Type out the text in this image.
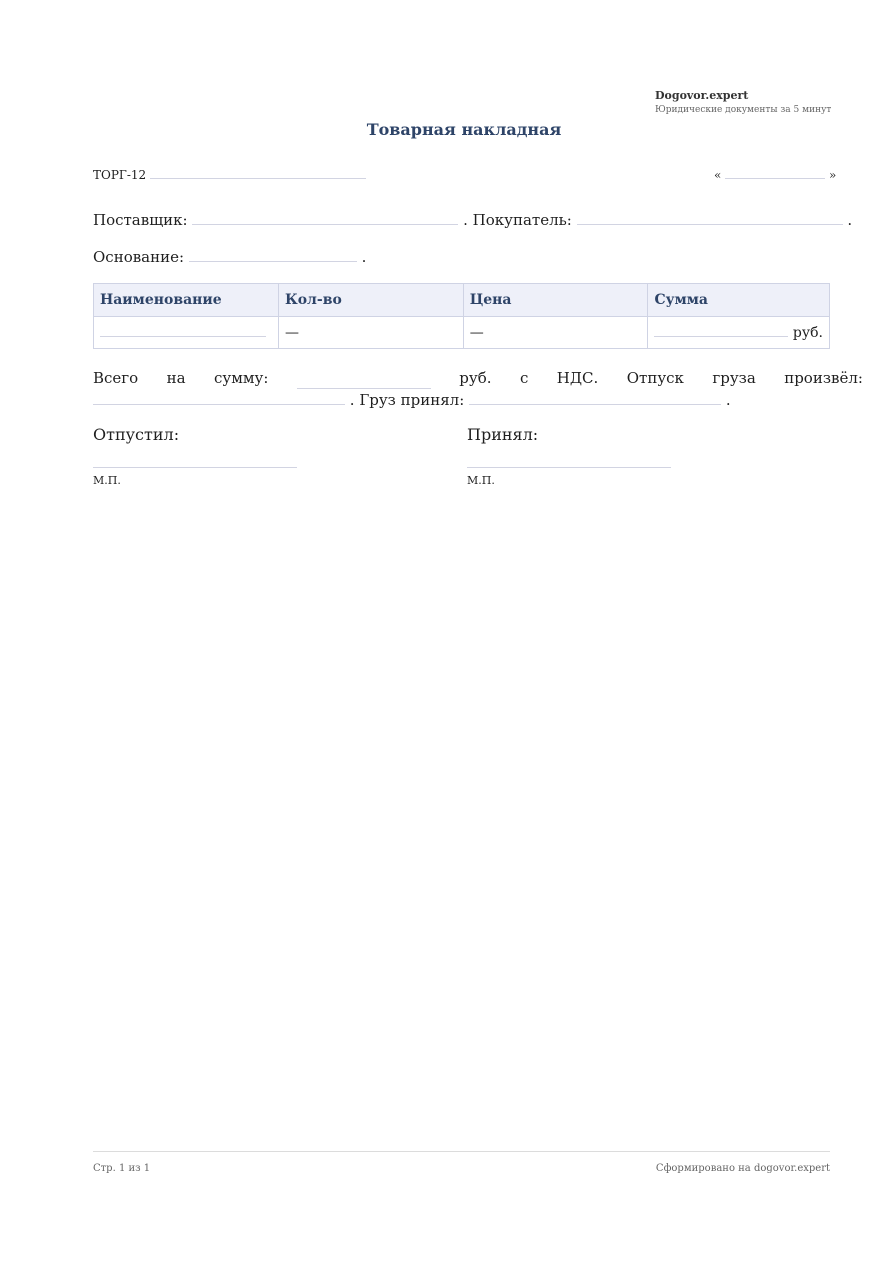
Dogovor.expert
Юридические документы за 5 минут
Товарная накладная
ТОРГ-12	«	»
Поставщик:	. Покупатель:	.
Основание:	.
Наименование	Кол-во	Цена	Сумма
	—	—	руб.
Всего на сумму:	руб. с НДС. Отпуск груза произвёл:
. Груз принял:	.
Отпустил:	Принял:
М.П.	М.П.
Стр. 1 из 1	Сформировано на dogovor.expert
